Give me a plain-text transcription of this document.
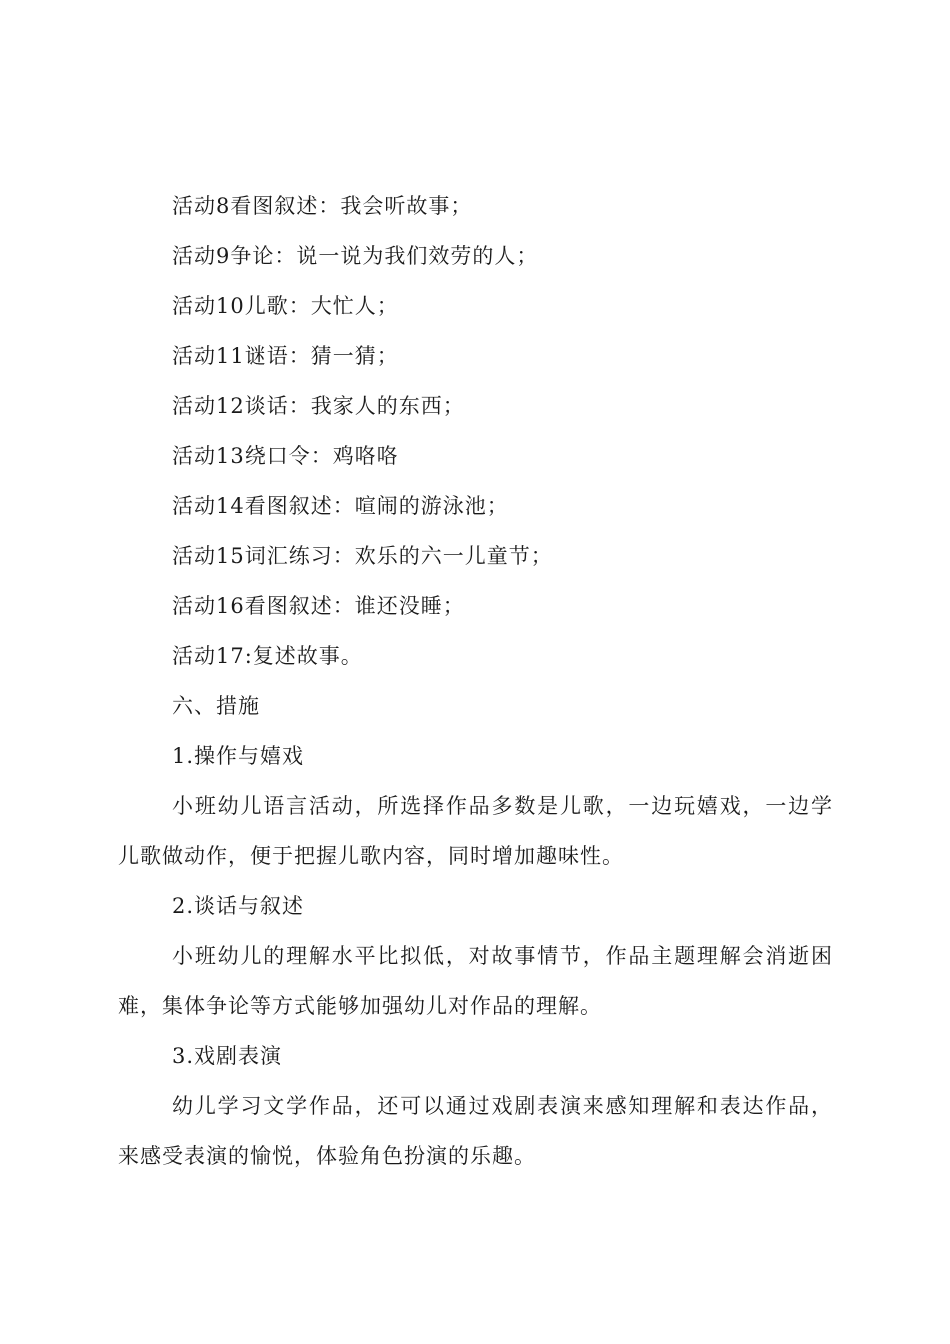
活动8看图叙述：我会听故事；
活动9争论：说一说为我们效劳的人；
活动10儿歌：大忙人；
活动11谜语：猜一猜；
活动12谈话：我家人的东西；
活动13绕口令：鸡咯咯
活动14看图叙述：喧闹的游泳池；
活动15词汇练习：欢乐的六一儿童节；
活动16看图叙述：谁还没睡；
活动17:复述故事。
六、措施
1.操作与嬉戏
小班幼儿语言活动，所选择作品多数是儿歌，一边玩嬉戏，一边学
儿歌做动作，便于把握儿歌内容，同时增加趣味性。
2.谈话与叙述
小班幼儿的理解水平比拟低，对故事情节，作品主题理解会消逝困
难，集体争论等方式能够加强幼儿对作品的理解。
3.戏剧表演
幼儿学习文学作品，还可以通过戏剧表演来感知理解和表达作品，
来感受表演的愉悦，体验角色扮演的乐趣。
